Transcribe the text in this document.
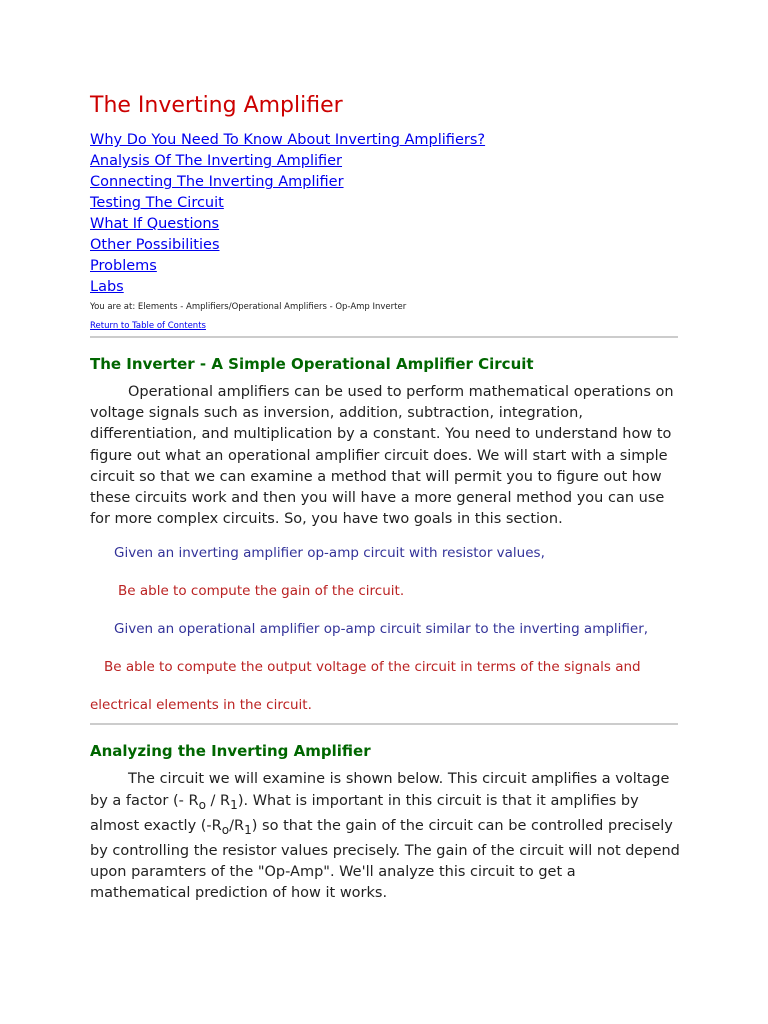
The Inverting Amplifier
Why Do You Need To Know About Inverting Amplifiers?
Analysis Of The Inverting Amplifier
Connecting The Inverting Amplifier
Testing The Circuit
What If Questions
Other Possibilities
Problems
Labs
You are at: Elements - Amplifiers/Operational Amplifiers - Op-Amp Inverter
Return to Table of Contents
The Inverter - A Simple Operational Amplifier Circuit

Operational amplifiers can be used to perform mathematical operations on voltage signals such as inversion, addition, subtraction, integration, differentiation, and multiplication by a constant. You need to understand how to figure out what an operational amplifier circuit does. We will start with a simple circuit so that we can examine a method that will permit you to figure out how these circuits work and then you will have a more general method you can use for more complex circuits. So, you have two goals in this section.

Given an inverting amplifier op-amp circuit with resistor values,

Be able to compute the gain of the circuit.

Given an operational amplifier op-amp circuit similar to the inverting amplifier,

Be able to compute the output voltage of the circuit in terms of the signals and

electrical elements in the circuit.

Analyzing the Inverting Amplifier

The circuit we will examine is shown below. This circuit amplifies a voltage by a factor (- $R_o / R_1$). What is important in this circuit is that it amplifies by almost exactly $(-R_o/R_1)$ so that the gain of the circuit can be controlled precisely by controlling the resistor values precisely. The gain of the circuit will not depend upon paramters of the "Op-Amp". We'll analyze this circuit to get a mathematical prediction of how it works.
